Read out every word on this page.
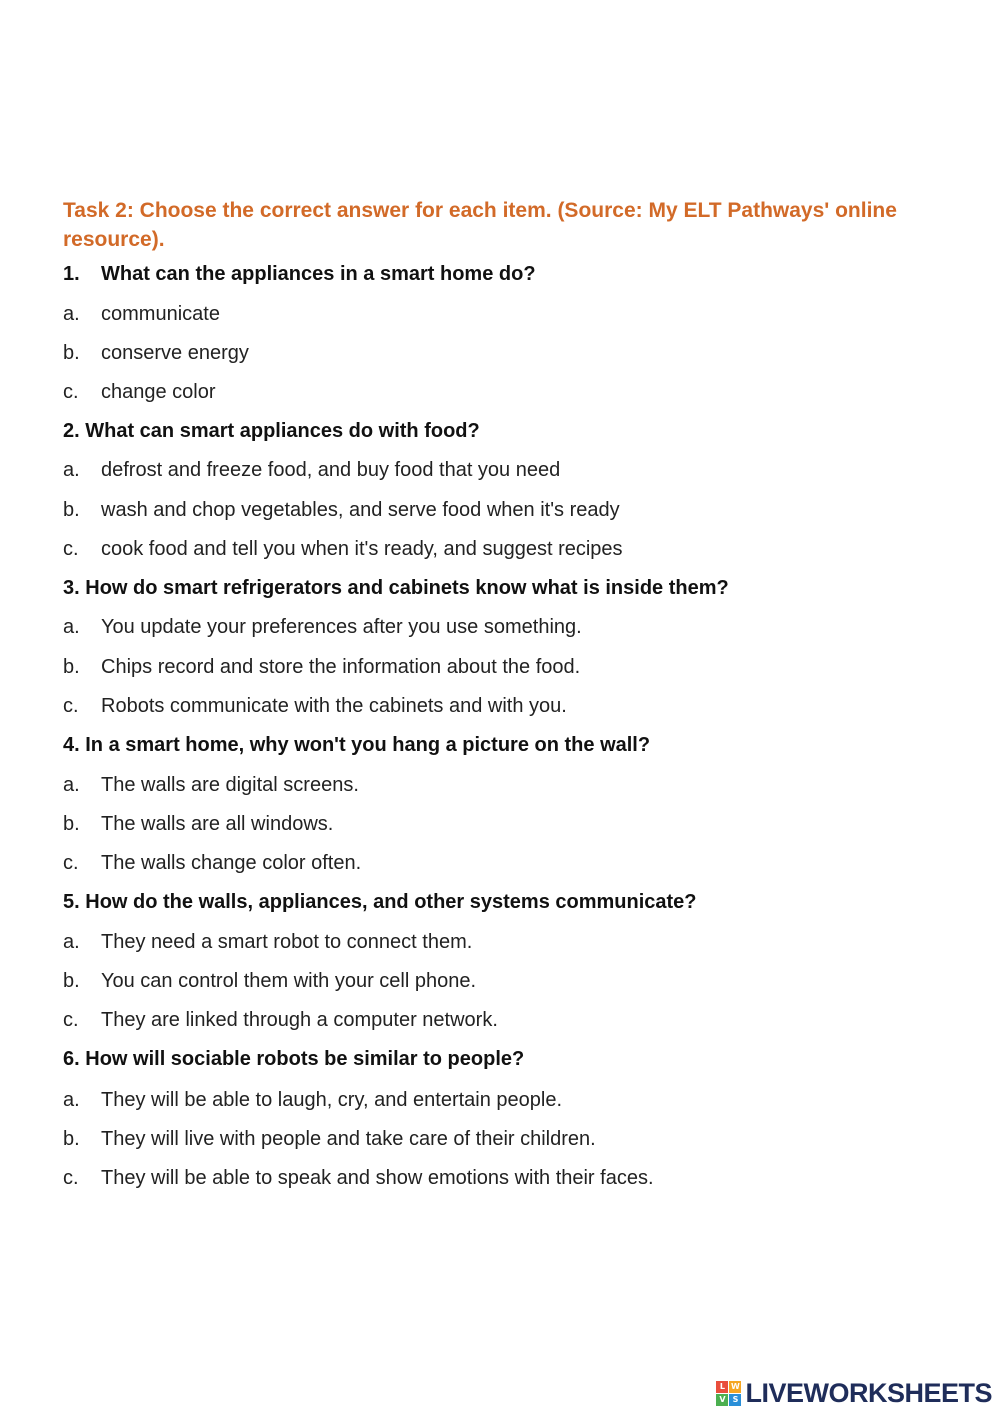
Task 2: Choose the correct answer for each item. (Source: My ELT Pathways' online resource).
1. What can the appliances in a smart home do?
a. communicate
b. conserve energy
c. change color
2. What can smart appliances do with food?
a. defrost and freeze food, and buy food that you need
b. wash and chop vegetables, and serve food when it's ready
c. cook food and tell you when it's ready, and suggest recipes
3. How do smart refrigerators and cabinets know what is inside them?
a. You update your preferences after you use something.
b. Chips record and store the information about the food.
c. Robots communicate with the cabinets and with you.
4. In a smart home, why won't you hang a picture on the wall?
a. The walls are digital screens.
b. The walls are all windows.
c. The walls change color often.
5. How do the walls, appliances, and other systems communicate?
a. They need a smart robot to connect them.
b. You can control them with your cell phone.
c. They are linked through a computer network.
6. How will sociable robots be similar to people?
a. They will be able to laugh, cry, and entertain people.
b. They will live with people and take care of their children.
c. They will be able to speak and show emotions with their faces.
L W
V S LIVEWORKSHEETS
